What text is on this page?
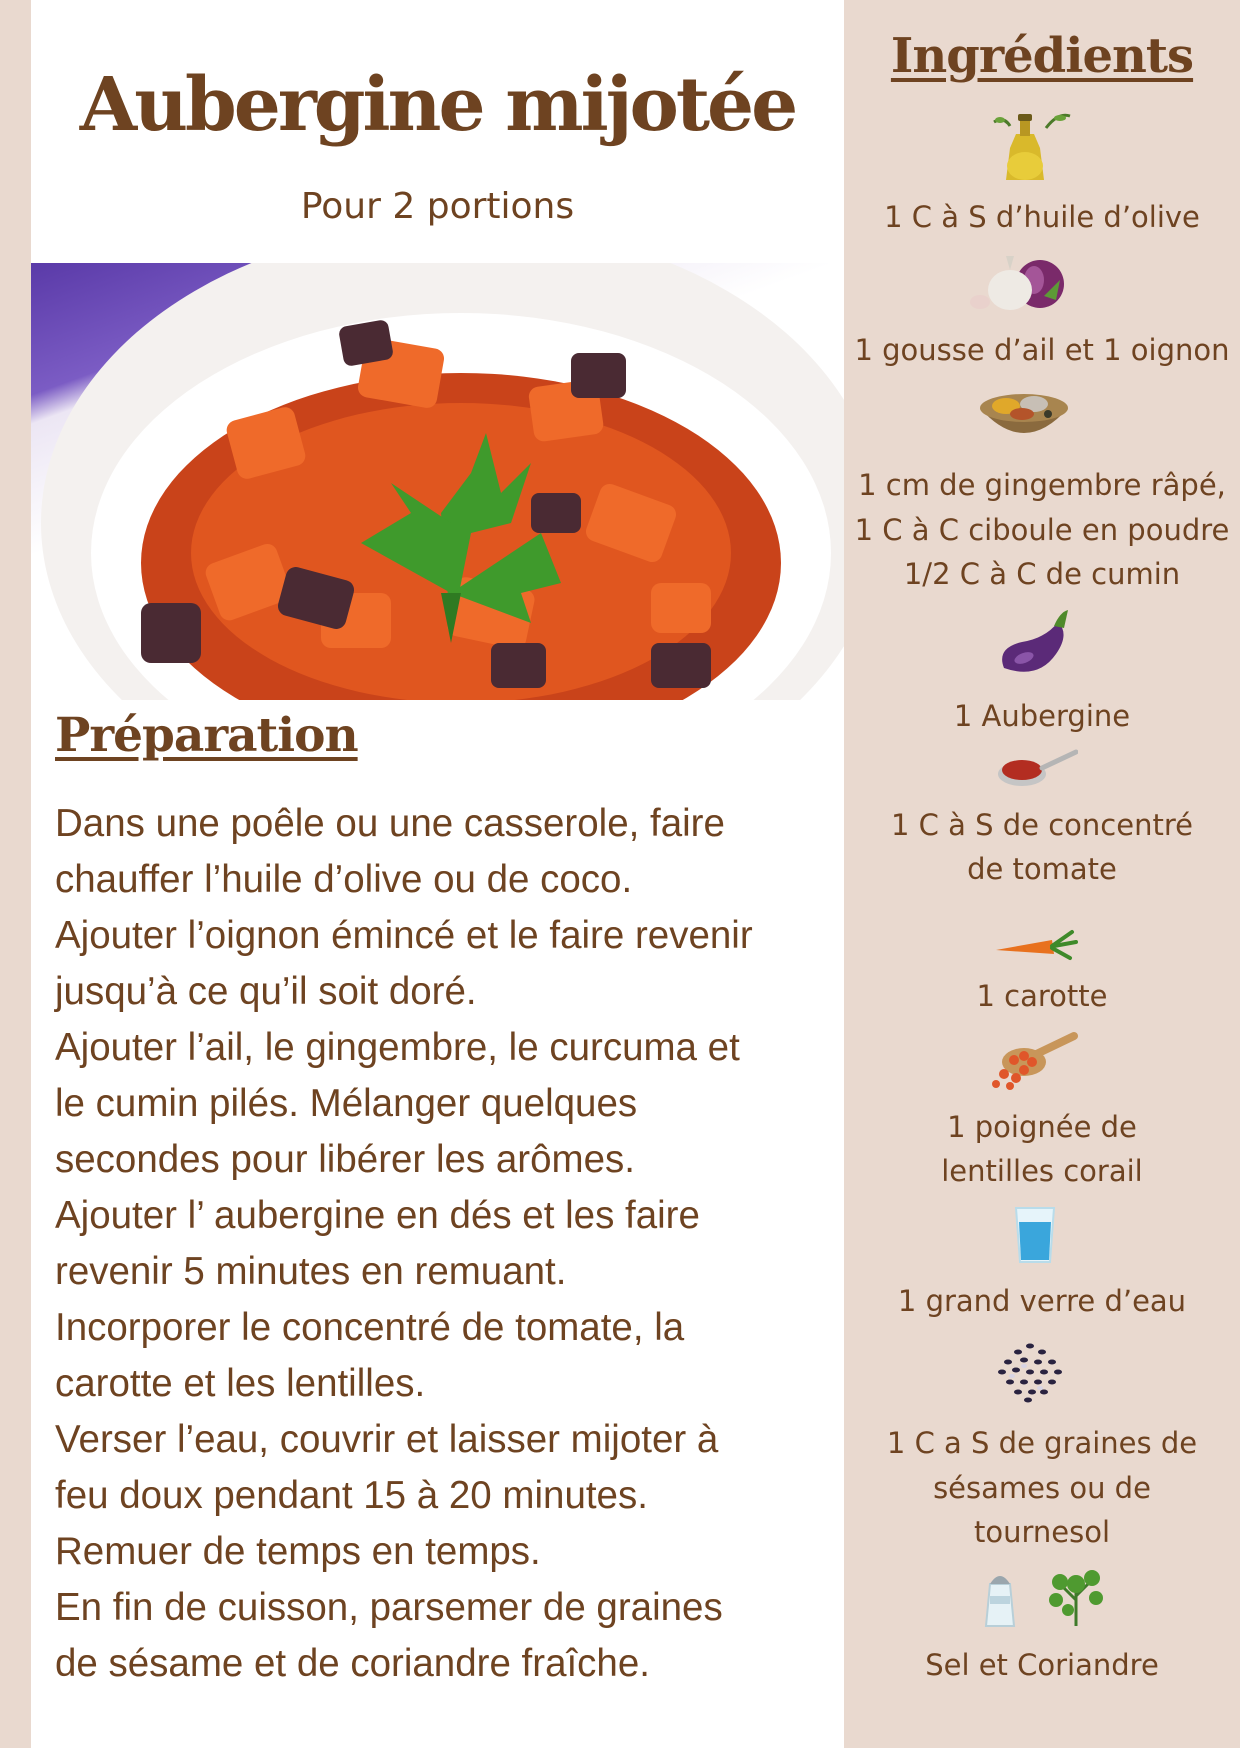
Aubergine mijotée
Pour 2 portions
Préparation
Dans une poêle ou une casserole, faire
chauffer l’huile d’olive ou de coco.
Ajouter l’oignon émincé et le faire revenir
jusqu’à ce qu’il soit doré.
Ajouter l’ail, le gingembre, le curcuma et
le cumin pilés. Mélanger quelques
secondes pour libérer les arômes.
Ajouter l’ aubergine en dés et les faire
revenir 5 minutes en remuant.
Incorporer le concentré de tomate, la
carotte et les lentilles.
Verser l’eau, couvrir et laisser mijoter à
feu doux pendant 15 à 20 minutes.
Remuer de temps en temps.
En fin de cuisson, parsemer de graines
de sésame et de coriandre fraîche.
Ingrédients
1 C à S d’huile d’olive
1 gousse d’ail et 1 oignon
1 cm de gingembre râpé,
1 C à C ciboule en poudre
1/2 C à C de cumin
1 Aubergine
1 C à S de concentré
de tomate
1 carotte
1 poignée de
lentilles corail
1 grand verre d’eau
1 C a S de graines de
sésames ou de
tournesol
Sel et Coriandre
